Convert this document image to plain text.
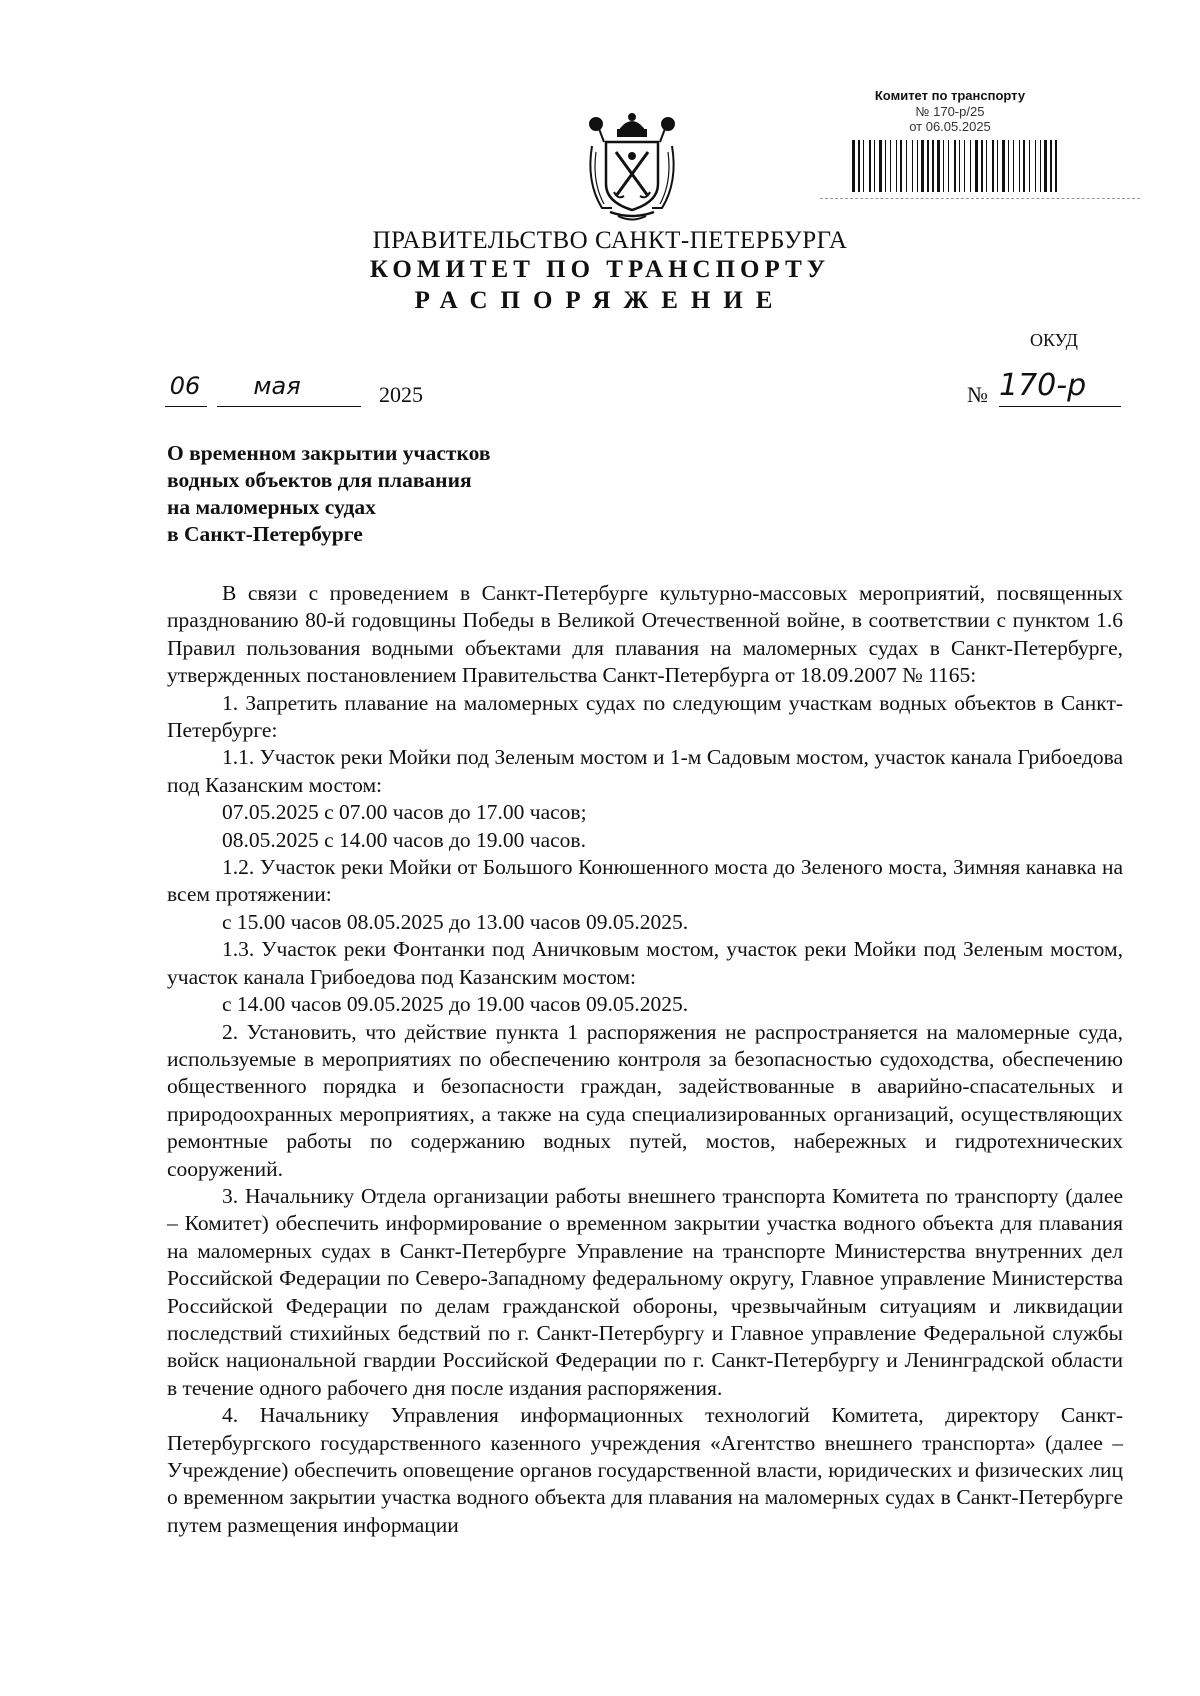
Комитет по транспорту
№ 170-р/25
от 06.05.2025
ПРАВИТЕЛЬСТВО САНКТ-ПЕТЕРБУРГА
КОМИТЕТ ПО ТРАНСПОРТУ
РАСПОРЯЖЕНИЕ
ОКУД
06	мая	2025	№ 170-р
О временном закрытии участков
водных объектов для плавания
на маломерных судах
в Санкт-Петербурге

В связи с проведением в Санкт-Петербурге культурно-массовых мероприятий, посвященных празднованию 80-й годовщины Победы в Великой Отечественной войне, в соответствии с пунктом 1.6 Правил пользования водными объектами для плавания на маломерных судах в Санкт-Петербурге, утвержденных постановлением Правительства Санкт-Петербурга от 18.09.2007 № 1165:

1. Запретить плавание на маломерных судах по следующим участкам водных объектов в Санкт-Петербурге:

1.1. Участок реки Мойки под Зеленым мостом и 1-м Садовым мостом, участок канала Грибоедова под Казанским мостом:

07.05.2025 с 07.00 часов до 17.00 часов;

08.05.2025 с 14.00 часов до 19.00 часов.

1.2. Участок реки Мойки от Большого Конюшенного моста до Зеленого моста, Зимняя канавка на всем протяжении:

с 15.00 часов 08.05.2025 до 13.00 часов 09.05.2025.

1.3. Участок реки Фонтанки под Аничковым мостом, участок реки Мойки под Зеленым мостом, участок канала Грибоедова под Казанским мостом:

с 14.00 часов 09.05.2025 до 19.00 часов 09.05.2025.

2. Установить, что действие пункта 1 распоряжения не распространяется на маломерные суда, используемые в мероприятиях по обеспечению контроля за безопасностью судоходства, обеспечению общественного порядка и безопасности граждан, задействованные в аварийно-спасательных и природоохранных мероприятиях, а также на суда специализированных организаций, осуществляющих ремонтные работы по содержанию водных путей, мостов, набережных и гидротехнических сооружений.

3. Начальнику Отдела организации работы внешнего транспорта Комитета по транспорту (далее – Комитет) обеспечить информирование о временном закрытии участка водного объекта для плавания на маломерных судах в Санкт-Петербурге Управление на транспорте Министерства внутренних дел Российской Федерации по Северо-Западному федеральному округу, Главное управление Министерства Российской Федерации по делам гражданской обороны, чрезвычайным ситуациям и ликвидации последствий стихийных бедствий по г. Санкт-Петербургу и Главное управление Федеральной службы войск национальной гвардии Российской Федерации по г. Санкт-Петербургу и Ленинградской области в течение одного рабочего дня после издания распоряжения.

4. Начальнику Управления информационных технологий Комитета, директору Санкт-Петербургского государственного казенного учреждения «Агентство внешнего транспорта» (далее – Учреждение) обеспечить оповещение органов государственной власти, юридических и физических лиц о временном закрытии участка водного объекта для плавания на маломерных судах в Санкт-Петербурге путем размещения информации
